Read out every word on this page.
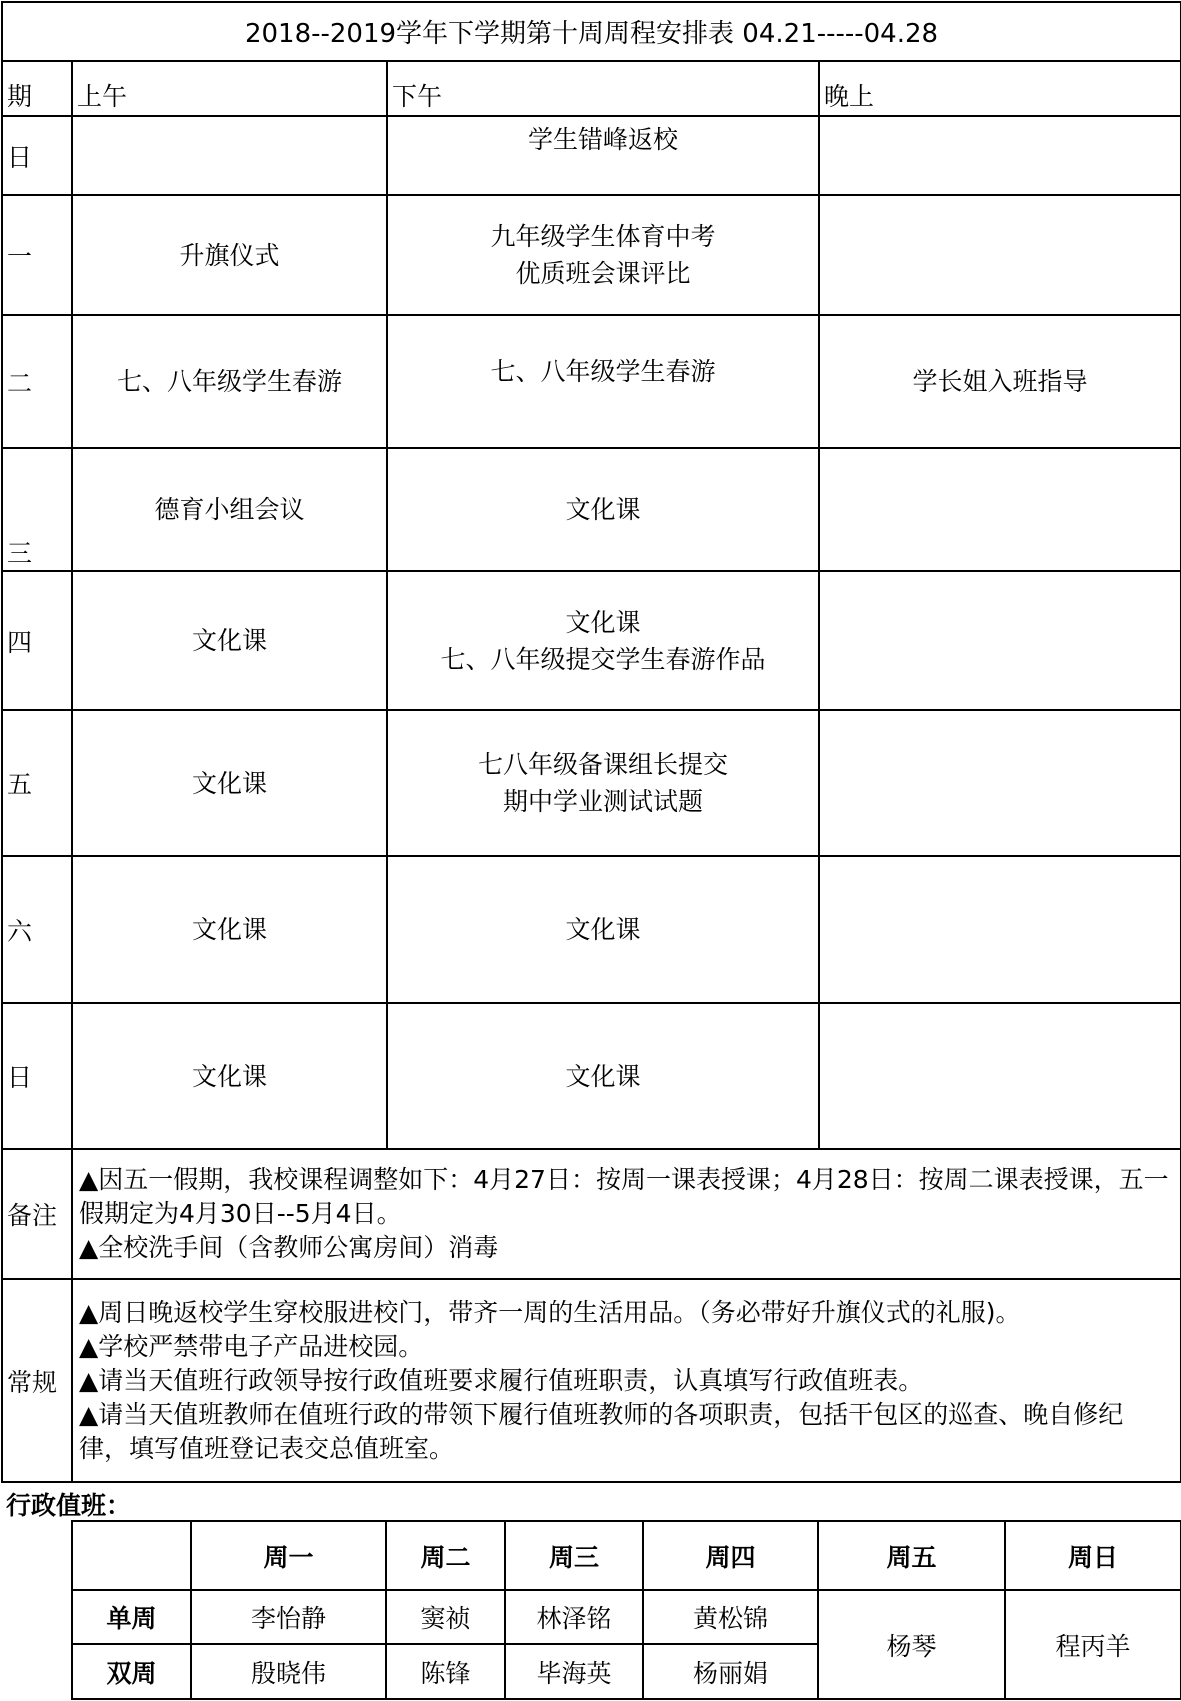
2018--2019学年下学期第十周周程安排表 04.21-----04.28			
期	上午	下午	晚上
日		学生错峰返校	

一	升旗仪式	九年级学生体育中考
优质班会课评比	

二	七、八年级学生春游	七、八年级学生春游	学长姐入班指导

三	德育小组会议	文化课	

四	文化课	文化课
七、八年级提交学生春游作品	

五	文化课	七八年级备课组长提交
期中学业测试试题	

六	文化课	文化课	

日	文化课	文化课	

备注	▲因五一假期，我校课程调整如下：4月27日：按周一课表授课；4月28日：按周二课表授课，五一假期定为4月30日--5月4日。
▲全校洗手间（含教师公寓房间）消毒		

常规	▲周日晚返校学生穿校服进校门，带齐一周的生活用品。（务必带好升旗仪式的礼服)。
▲学校严禁带电子产品进校园。
▲请当天值班行政领导按行政值班要求履行值班职责，认真填写行政值班表。
▲请当天值班教师在值班行政的带领下履行值班教师的各项职责，包括干包区的巡查、晚自修纪律，填写值班登记表交总值班室。		
行政值班：
	周一	周二	周三	周四	周五	周日
单周	李怡静	窦祯	林泽铭	黄松锦	杨琴	程丙羊
双周	殷晓伟	陈锋	毕海英	杨丽娟		
